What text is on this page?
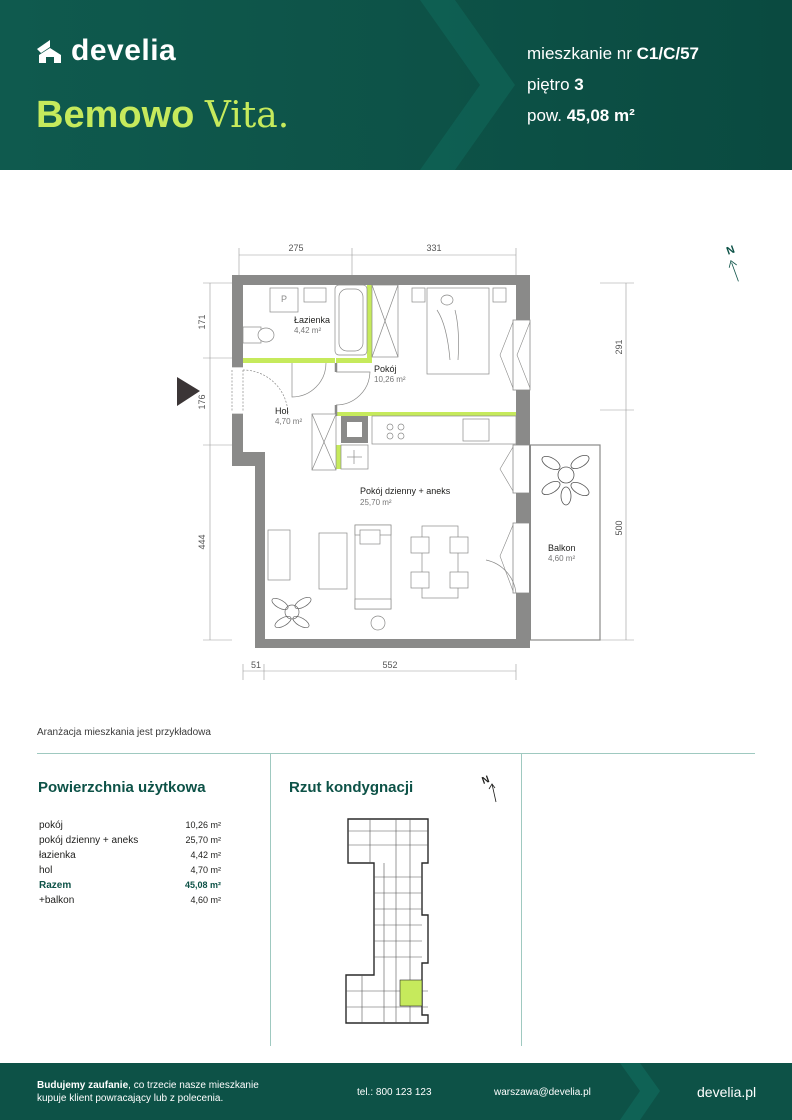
develia
Bemowo Vita.
mieszkanie nr C1/C/57
piętro 3
pow. 45,08 m²
275	331
171
176
444
291
500
51	552
N
P
Łazienka
4,42 m²
Pokój
10,26 m²
Hol
4,70 m²
Pokój dzienny + aneks
25,70 m²
Balkon
4,60 m²
Aranżacja mieszkania jest przykładowa
Powierzchnia użytkowa
pokój	10,26 m²
pokój dzienny + aneks	25,70 m²
łazienka	4,42 m²
hol	4,70 m²
Razem	45,08 m²
+balkon	4,60 m²
Rzut kondygnacji	N
Budujemy zaufanie, co trzecie nasze mieszkanie
kupuje klient powracający lub z polecenia.
tel.: 800 123 123	warszawa@develia.pl	develia.pl
